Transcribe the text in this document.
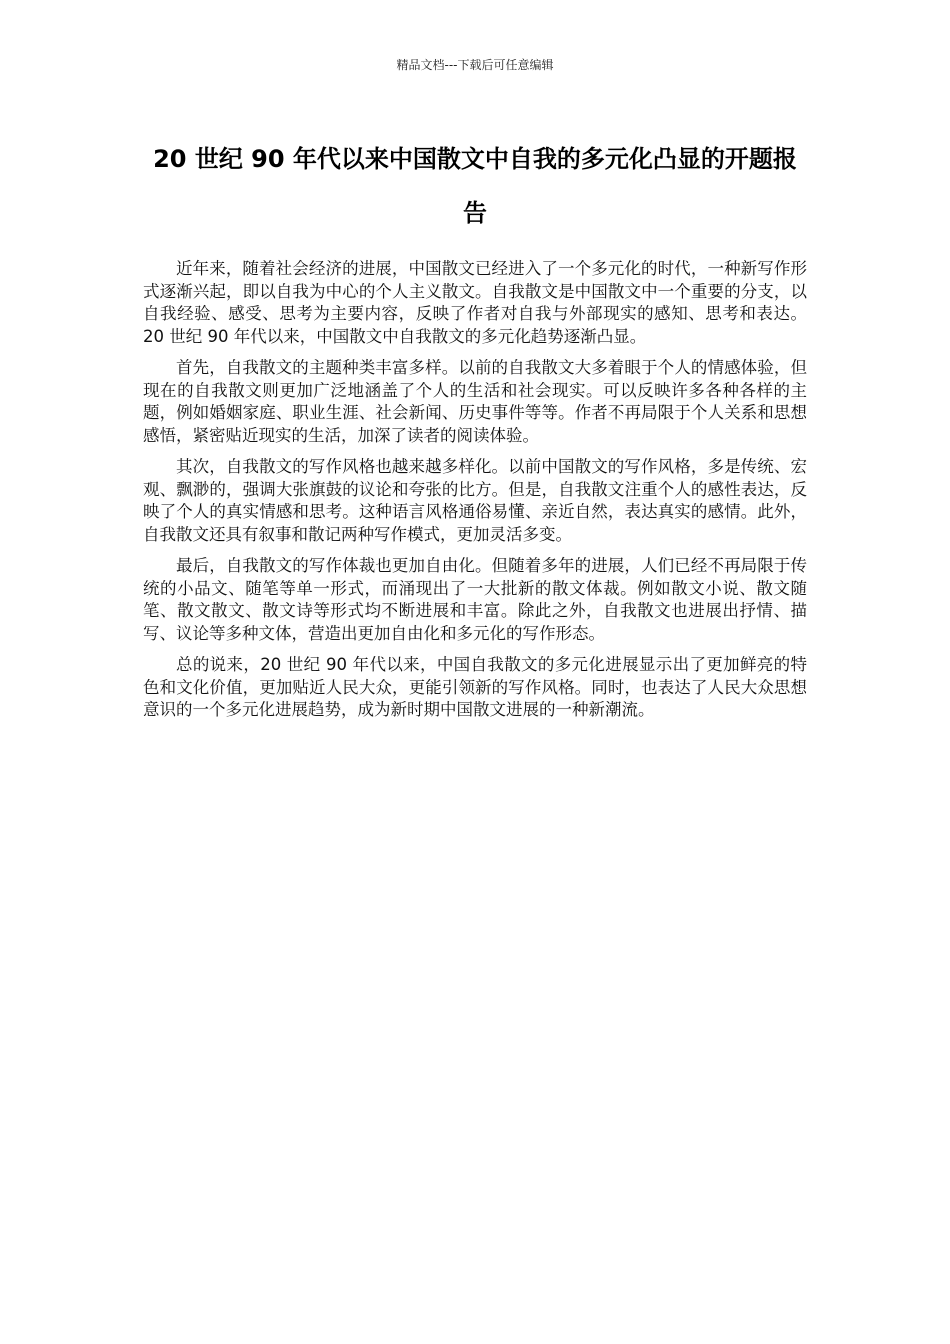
精品文档---下载后可任意编辑
20 世纪 90 年代以来中国散文中自我的多元化凸显的开题报告

近年来，随着社会经济的进展，中国散文已经进入了一个多元化的时代，一种新写作形式逐渐兴起，即以自我为中心的个人主义散文。自我散文是中国散文中一个重要的分支，以自我经验、感受、思考为主要内容，反映了作者对自我与外部现实的感知、思考和表达。20 世纪 90 年代以来，中国散文中自我散文的多元化趋势逐渐凸显。

首先，自我散文的主题种类丰富多样。以前的自我散文大多着眼于个人的情感体验，但现在的自我散文则更加广泛地涵盖了个人的生活和社会现实。可以反映许多各种各样的主题，例如婚姻家庭、职业生涯、社会新闻、历史事件等等。作者不再局限于个人关系和思想感悟，紧密贴近现实的生活，加深了读者的阅读体验。

其次，自我散文的写作风格也越来越多样化。以前中国散文的写作风格，多是传统、宏观、飘渺的，强调大张旗鼓的议论和夸张的比方。但是，自我散文注重个人的感性表达，反映了个人的真实情感和思考。这种语言风格通俗易懂、亲近自然，表达真实的感情。此外，自我散文还具有叙事和散记两种写作模式，更加灵活多变。

最后，自我散文的写作体裁也更加自由化。但随着多年的进展，人们已经不再局限于传统的小品文、随笔等单一形式，而涌现出了一大批新的散文体裁。例如散文小说、散文随笔、散文散文、散文诗等形式均不断进展和丰富。除此之外，自我散文也进展出抒情、描写、议论等多种文体，营造出更加自由化和多元化的写作形态。

总的说来，20 世纪 90 年代以来，中国自我散文的多元化进展显示出了更加鲜亮的特色和文化价值，更加贴近人民大众，更能引领新的写作风格。同时，也表达了人民大众思想意识的一个多元化进展趋势，成为新时期中国散文进展的一种新潮流。
